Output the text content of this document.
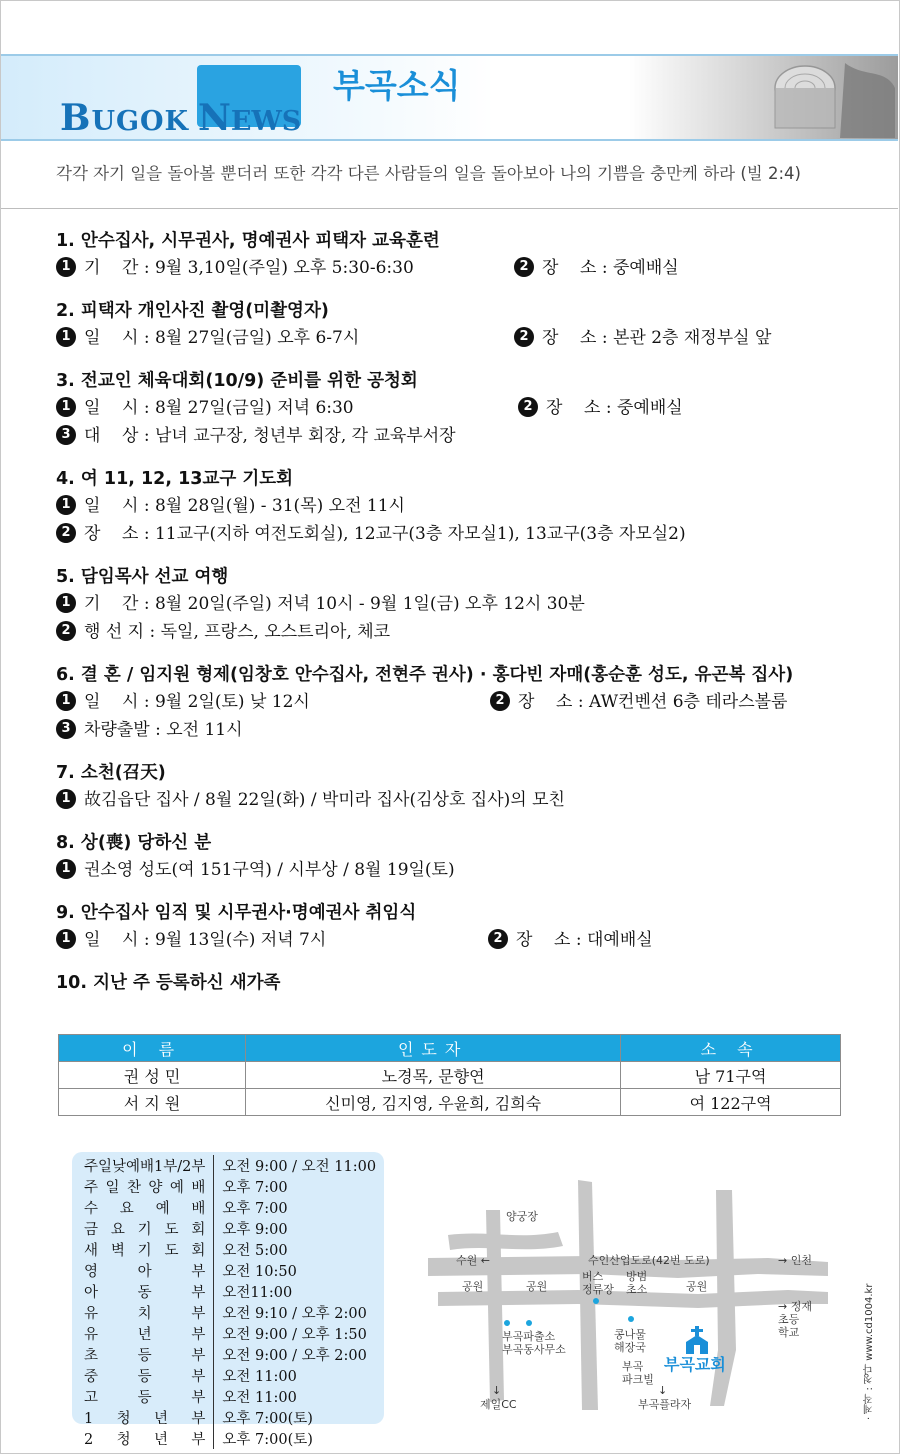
BUGOK NEWS
부곡소식
각각 자기 일을 돌아볼 뿐더러 또한 각각 다른 사람들의 일을 돌아보아 나의 기쁨을 충만케 하라 (빌 2:4)
1. 안수집사, 시무권사, 명예권사 피택자 교육훈련
1 기    간 : 9월 3,10일(주일) 오후 5:30-6:30	2 장    소 : 중예배실
2. 피택자 개인사진 촬영(미촬영자)
1 일    시 : 8월 27일(금일) 오후 6-7시	2 장    소 : 본관 2층 재정부실 앞
3. 전교인 체육대회(10/9) 준비를 위한 공청회
1 일    시 : 8월 27일(금일) 저녁 6:30	2 장    소 : 중예배실
3 대    상 : 남녀 교구장, 청년부 회장, 각 교육부서장
4. 여 11, 12, 13교구 기도회
1 일    시 : 8월 28일(월) - 31(목) 오전 11시
2 장    소 : 11교구(지하 여전도회실), 12교구(3층 자모실1), 13교구(3층 자모실2)
5. 담임목사 선교 여행
1 기    간 : 8월 20일(주일) 저녁 10시 - 9월 1일(금) 오후 12시 30분
2 행 선 지 : 독일, 프랑스, 오스트리아, 체코
6. 결 혼 / 임지원 형제(임창호 안수집사, 전현주 권사) · 홍다빈 자매(홍순훈 성도, 유곤복 집사)
1 일    시 : 9월 2일(토) 낮 12시	2 장    소 : AW컨벤션 6층 테라스볼룸
3 차량출발 : 오전 11시
7. 소천(召天)
1 故김읍단 집사 / 8월 22일(화) / 박미라 집사(김상호 집사)의 모친
8. 상(喪) 당하신 분
1 권소영 성도(여 151구역) / 시부상 / 8월 19일(토)
9. 안수집사 임직 및 시무권사·명예권사 취임식
1 일    시 : 9월 13일(수) 저녁 7시	2 장    소 : 대예배실
10. 지난 주 등록하신 새가족
이 름	인도자	소 속
권 성 민	노경목, 문향연	남 71구역
서 지 원	신미영, 김지영, 우윤희, 김희숙	여 122구역
주일낮예배1부/2부	오전 9:00 / 오전 11:00
주 일 찬 양 예 배	오후 7:00
수 요 예 배	오후 7:00
금 요 기 도 회	오후 9:00
새 벽 기 도 회	오전 5:00
영 아 부	오전 10:50
아 동 부	오전11:00
유 치 부	오전 9:10 / 오후 2:00
유 년 부	오전 9:00 / 오후 1:50
초 등 부	오전 9:00 / 오후 2:00
중 등 부	오전 11:00
고 등 부	오전 11:00
1 청 년 부	오후 7:00(토)
2 청 년 부	오후 7:00(토)
양궁장
수원 ←	수인산업도로(42번 도로)	→ 인천
공원	공원	공원
버스
정류장
방범
초소
→ 정재
초등
학교
부곡파출소
부곡동사무소
콩나물
해장국
부곡
파크빌
부곡교회
↓
제일CC
↓
부곡플라자	· 제작 : 청다 www.cd1004.kr
